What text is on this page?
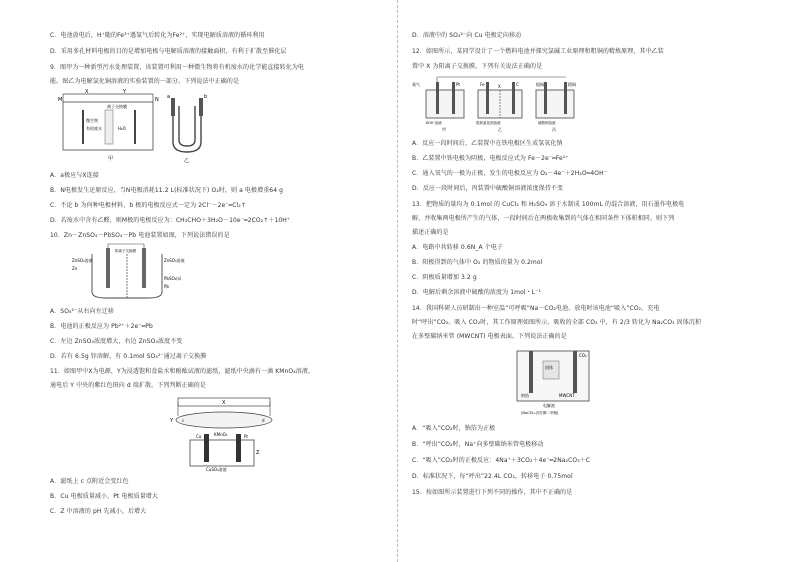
C．电池放电后，H⁺随的Fe³⁺遇氢气后转化为Fe²⁺，实现电解质溶液的循环利用
D．采用多孔材料电极的目的是增加电极与电解质溶液的接触面积，有利于扩散至催化层
9．图甲为一种新型污水处理装置，该装置可利用一种微生物将有机废水的化学能直接转化为电
能。图乙为电解氯化铜溶液的实验装置的一部分。下列说法中正确的是
M	N
X	Y
微生物
有机废水
离子交换膜
H₂O
甲
a	b
乙
A．a极应与X连接
B．N电极发生还原反应，当N电极消耗11.2 L(标准状况下) O₂时，则 a 电极增重64 g
C．不论 b 为何种电极材料，b 极的电极反应式一定为 2Cl⁻－2e⁻═Cl₂↑
D．若废水中含有乙醛，则M极的电极反应为：CH₃CHO＋3H₂O－10e⁻═2CO₂↑＋10H⁺
10．Zn－ZnSO₄－PbSO₄－Pb 电池装置如图，下列说法错误的是
ZnSO₄溶液
Zn
ZnSO₄溶液
PbSO₄(s)
Pb
阴离子交换膜
A．SO₄²⁻从右向左迁移
B．电池的正极反应为 Pb²⁺＋2e⁻═Pb
C．左边 ZnSO₄浓度增大，右边 ZnSO₄浓度不变
D．若有 6.5g 锌溶解，有 0.1mol SO₄²⁻通过离子交换膜
11．如图甲中X为电源，Y为浸透饱和食盐水和酚酞试液的滤纸，滤纸中央滴有一滴 KMnO₄溶液，
通电后 Y 中央的紫红色斑向 d 端扩散。下列判断正确的是
X
Y c	d
KMnO₄
Cu	Pt
CuSO₄溶液
Z
A．滤纸上 c 点附近会变红色
B．Cu 电极质量减小，Pt 电极质量增大
C．Z 中溶液的 pH 先减小，后增大
D．溶液中的 SO₄²⁻向 Cu 电极定向移动
12．如图所示，某同学设计了一个燃料电池并探究氯碱工业原理和粗铜的精炼原理，其中乙装
置中 X 为阳离子交换膜。下列有关说法正确的是
氧气	Pt	Fe	C
X	粗铜	精铜
KOH 溶液	饱和氯化钠溶液	硫酸铜溶液
甲	乙	丙
A．反应一段时间后，乙装置中在铁电极区生成氢氧化钠
B．乙装置中铁电极为阴极，电极反应式为 Fe－2e⁻═Fe²⁺
C．通入氧气的一极为正极，发生的电极反应为 O₂－4e⁻＋2H₂O═4OH⁻
D．反应一段时间后，丙装置中硫酸铜溶液浓度保持不变
13．把物质的量均为 0.1mol 的 CuCl₂ 和 H₂SO₄ 溶于水制成 100mL 的混合溶液，用石墨作电极电
解，并收集两电极所产生的气体，一段时间后在两极收集到的气体在相同条件下体积相同。则下列
描述正确的是
A．电路中共转移 0.6N_A 个电子
B．阳极得到的气体中 O₂ 的物质的量为 0.2mol
C．阴极质量增加 3.2 g
D．电解后剩余溶液中硫酸的浓度为 1mol・L⁻¹
14．我国科研人员研制出一种室温“可呼吸”Na－CO₂电池。放电时该电池“吸入”CO₂，充电
时“呼出”CO₂。吸入 CO₂时，其工作原理如图所示。吸收的全部 CO₂ 中，有 2/3 转化为 Na₂CO₃ 固体沉积
在多壁碳纳米管 (MWCNT) 电极表面。下列说法正确的是
固体
CO₂
钠箔	MWCNT
电解液
(NaClO₄-四甘醇二甲醚)
A．“吸入”CO₂时，钠箔为正极
B．“呼出”CO₂时，Na⁺向多壁碳纳米管电极移动
C．“吸入”CO₂时的正极反应：4Na⁺＋3CO₂＋4e⁻═2Na₂CO₃＋C
D．标准状况下，每“呼出”22.4L CO₂，转移电子 0.75mol
15．按如图所示装置进行下列不同的操作，其中不正确的是
